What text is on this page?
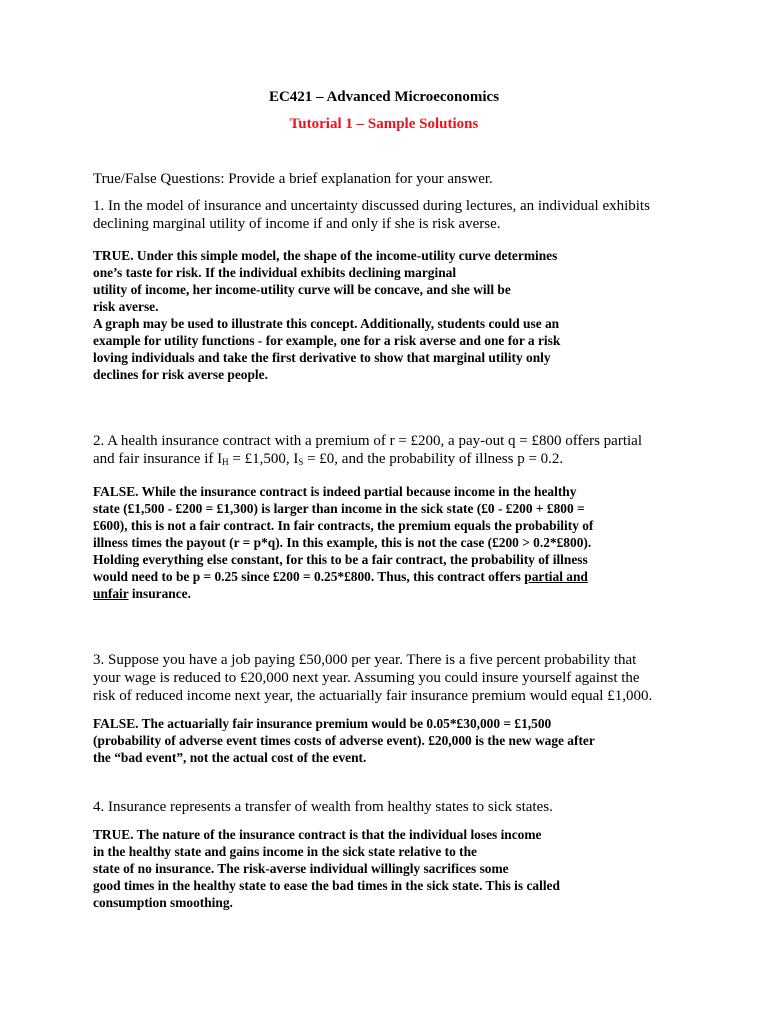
EC421 – Advanced Microeconomics
Tutorial 1 – Sample Solutions
True/False Questions: Provide a brief explanation for your answer.
1. In the model of insurance and uncertainty discussed during lectures, an individual exhibits
declining marginal utility of income if and only if she is risk averse.
TRUE. Under this simple model, the shape of the income-utility curve determines
one’s taste for risk. If the individual exhibits declining marginal
utility of income, her income-utility curve will be concave, and she will be
risk averse.
A graph may be used to illustrate this concept. Additionally, students could use an
example for utility functions - for example, one for a risk averse and one for a risk
loving individuals and take the first derivative to show that marginal utility only
declines for risk averse people.
2. A health insurance contract with a premium of r = £200, a pay-out q = £800 offers partial
and fair insurance if $I_H$ = £1,500, $I_S$ = £0, and the probability of illness p = 0.2.
FALSE. While the insurance contract is indeed partial because income in the healthy
state (£1,500 - £200 = £1,300) is larger than income in the sick state (£0 - £200 + £800 =
£600), this is not a fair contract. In fair contracts, the premium equals the probability of
illness times the payout (r = p*q). In this example, this is not the case (£200 > 0.2*£800).
Holding everything else constant, for this to be a fair contract, the probability of illness
would need to be p = 0.25 since £200 = 0.25*£800. Thus, this contract offers partial and
unfair insurance.
3. Suppose you have a job paying £50,000 per year. There is a five percent probability that
your wage is reduced to £20,000 next year. Assuming you could insure yourself against the
risk of reduced income next year, the actuarially fair insurance premium would equal £1,000.
FALSE. The actuarially fair insurance premium would be 0.05*£30,000 = £1,500
(probability of adverse event times costs of adverse event). £20,000 is the new wage after
the “bad event”, not the actual cost of the event.
4. Insurance represents a transfer of wealth from healthy states to sick states.
TRUE. The nature of the insurance contract is that the individual loses income
in the healthy state and gains income in the sick state relative to the
state of no insurance. The risk-averse individual willingly sacrifices some
good times in the healthy state to ease the bad times in the sick state. This is called
consumption smoothing.
